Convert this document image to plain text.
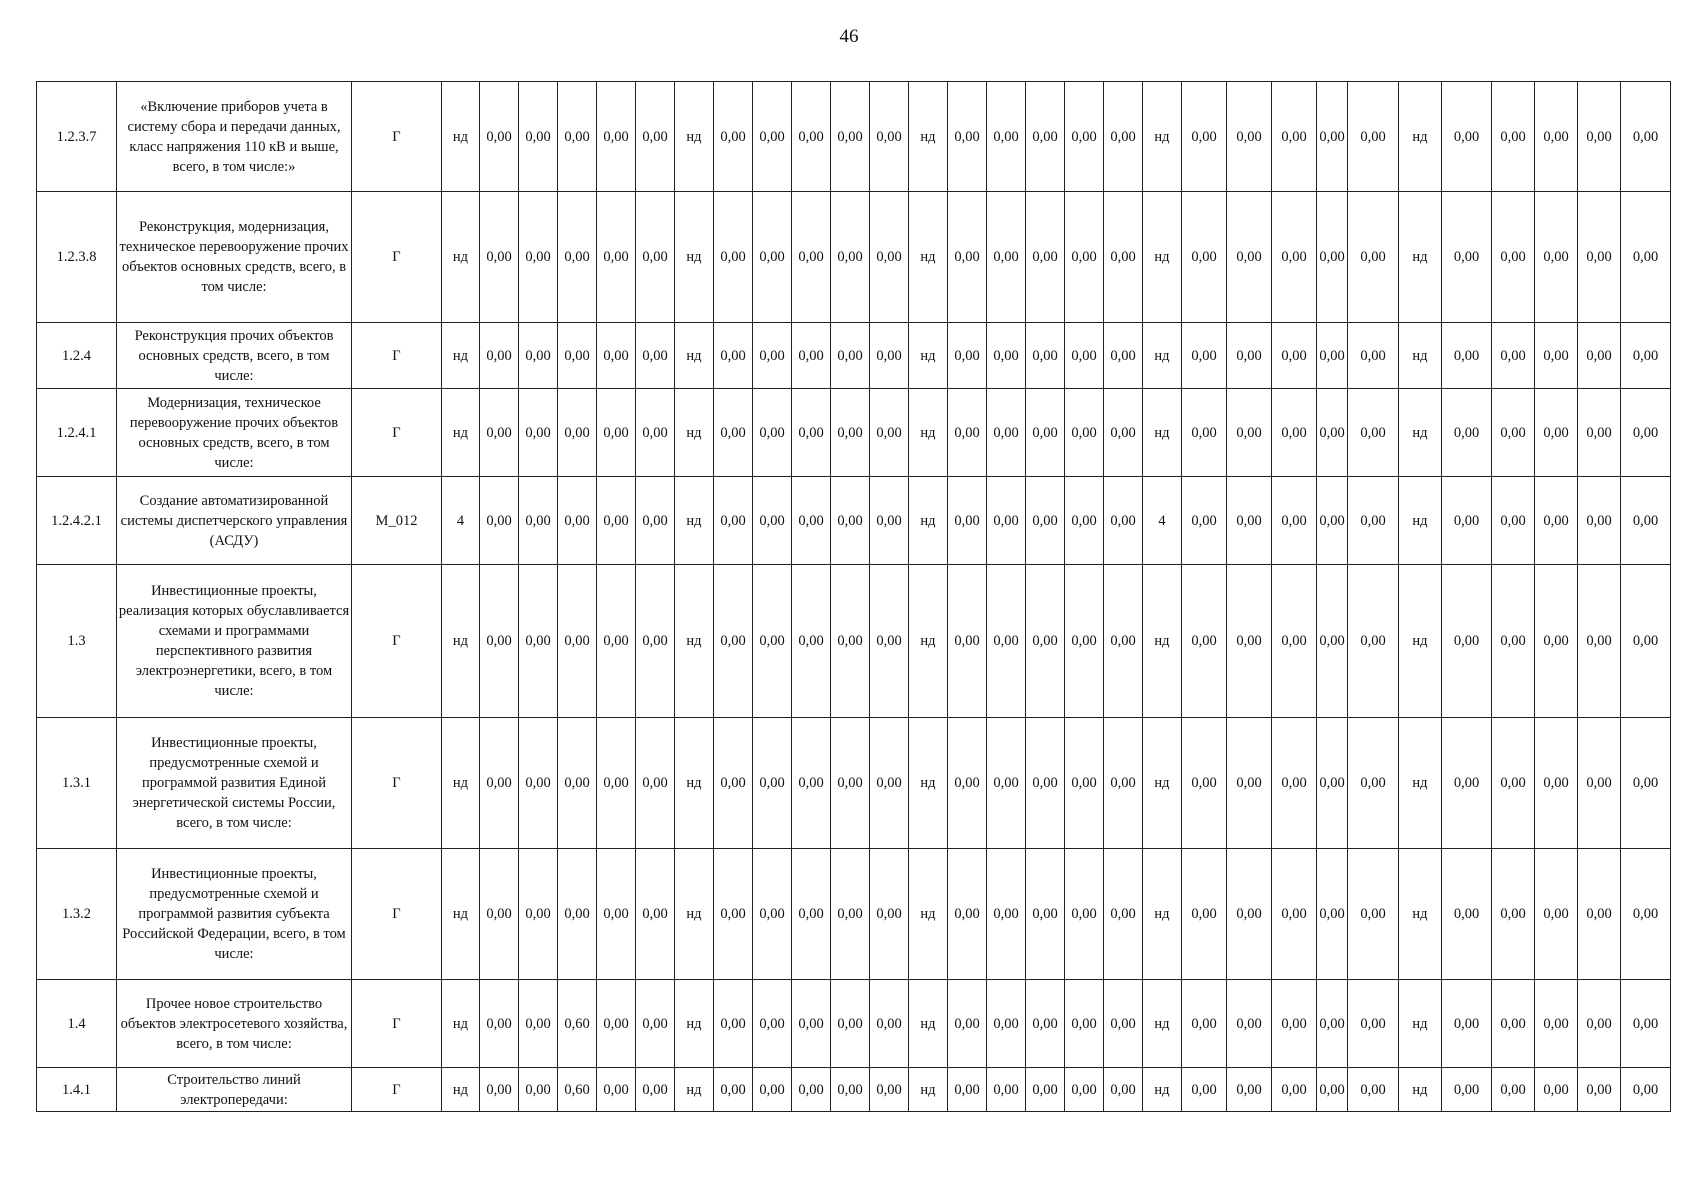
46
1.2.3.7	«Включение приборов учета в систему сбора и передачи данных, класс напряжения 110 кВ и выше, всего, в том числе:»	Г	нд	0,00	0,00	0,00	0,00	0,00	нд	0,00	0,00	0,00	0,00	0,00	нд	0,00	0,00	0,00	0,00	0,00	нд	0,00	0,00	0,00	0,00	0,00	нд	0,00	0,00	0,00	0,00	0,00
1.2.3.8	Реконструкция, модернизация, техническое перевооружение прочих объектов основных средств, всего, в том числе:	Г	нд	0,00	0,00	0,00	0,00	0,00	нд	0,00	0,00	0,00	0,00	0,00	нд	0,00	0,00	0,00	0,00	0,00	нд	0,00	0,00	0,00	0,00	0,00	нд	0,00	0,00	0,00	0,00	0,00
1.2.4	Реконструкция прочих объектов основных средств, всего, в том числе:	Г	нд	0,00	0,00	0,00	0,00	0,00	нд	0,00	0,00	0,00	0,00	0,00	нд	0,00	0,00	0,00	0,00	0,00	нд	0,00	0,00	0,00	0,00	0,00	нд	0,00	0,00	0,00	0,00	0,00
1.2.4.1	Модернизация, техническое перевооружение прочих объектов основных средств, всего, в том числе:	Г	нд	0,00	0,00	0,00	0,00	0,00	нд	0,00	0,00	0,00	0,00	0,00	нд	0,00	0,00	0,00	0,00	0,00	нд	0,00	0,00	0,00	0,00	0,00	нд	0,00	0,00	0,00	0,00	0,00
1.2.4.2.1	Создание автоматизированной системы диспетчерского управления (АСДУ)	M_012	4	0,00	0,00	0,00	0,00	0,00	нд	0,00	0,00	0,00	0,00	0,00	нд	0,00	0,00	0,00	0,00	0,00	4	0,00	0,00	0,00	0,00	0,00	нд	0,00	0,00	0,00	0,00	0,00
1.3	Инвестиционные проекты, реализация которых обуславливается схемами и программами перспективного развития электроэнергетики, всего, в том числе:	Г	нд	0,00	0,00	0,00	0,00	0,00	нд	0,00	0,00	0,00	0,00	0,00	нд	0,00	0,00	0,00	0,00	0,00	нд	0,00	0,00	0,00	0,00	0,00	нд	0,00	0,00	0,00	0,00	0,00
1.3.1	Инвестиционные проекты, предусмотренные схемой и программой развития Единой энергетической системы России, всего, в том числе:	Г	нд	0,00	0,00	0,00	0,00	0,00	нд	0,00	0,00	0,00	0,00	0,00	нд	0,00	0,00	0,00	0,00	0,00	нд	0,00	0,00	0,00	0,00	0,00	нд	0,00	0,00	0,00	0,00	0,00
1.3.2	Инвестиционные проекты, предусмотренные схемой и программой развития субъекта Российской Федерации, всего, в том числе:	Г	нд	0,00	0,00	0,00	0,00	0,00	нд	0,00	0,00	0,00	0,00	0,00	нд	0,00	0,00	0,00	0,00	0,00	нд	0,00	0,00	0,00	0,00	0,00	нд	0,00	0,00	0,00	0,00	0,00
1.4	Прочее новое строительство объектов электросетевого хозяйства, всего, в том числе:	Г	нд	0,00	0,00	0,60	0,00	0,00	нд	0,00	0,00	0,00	0,00	0,00	нд	0,00	0,00	0,00	0,00	0,00	нд	0,00	0,00	0,00	0,00	0,00	нд	0,00	0,00	0,00	0,00	0,00
1.4.1	Строительство линий электропередачи:	Г	нд	0,00	0,00	0,60	0,00	0,00	нд	0,00	0,00	0,00	0,00	0,00	нд	0,00	0,00	0,00	0,00	0,00	нд	0,00	0,00	0,00	0,00	0,00	нд	0,00	0,00	0,00	0,00	0,00
